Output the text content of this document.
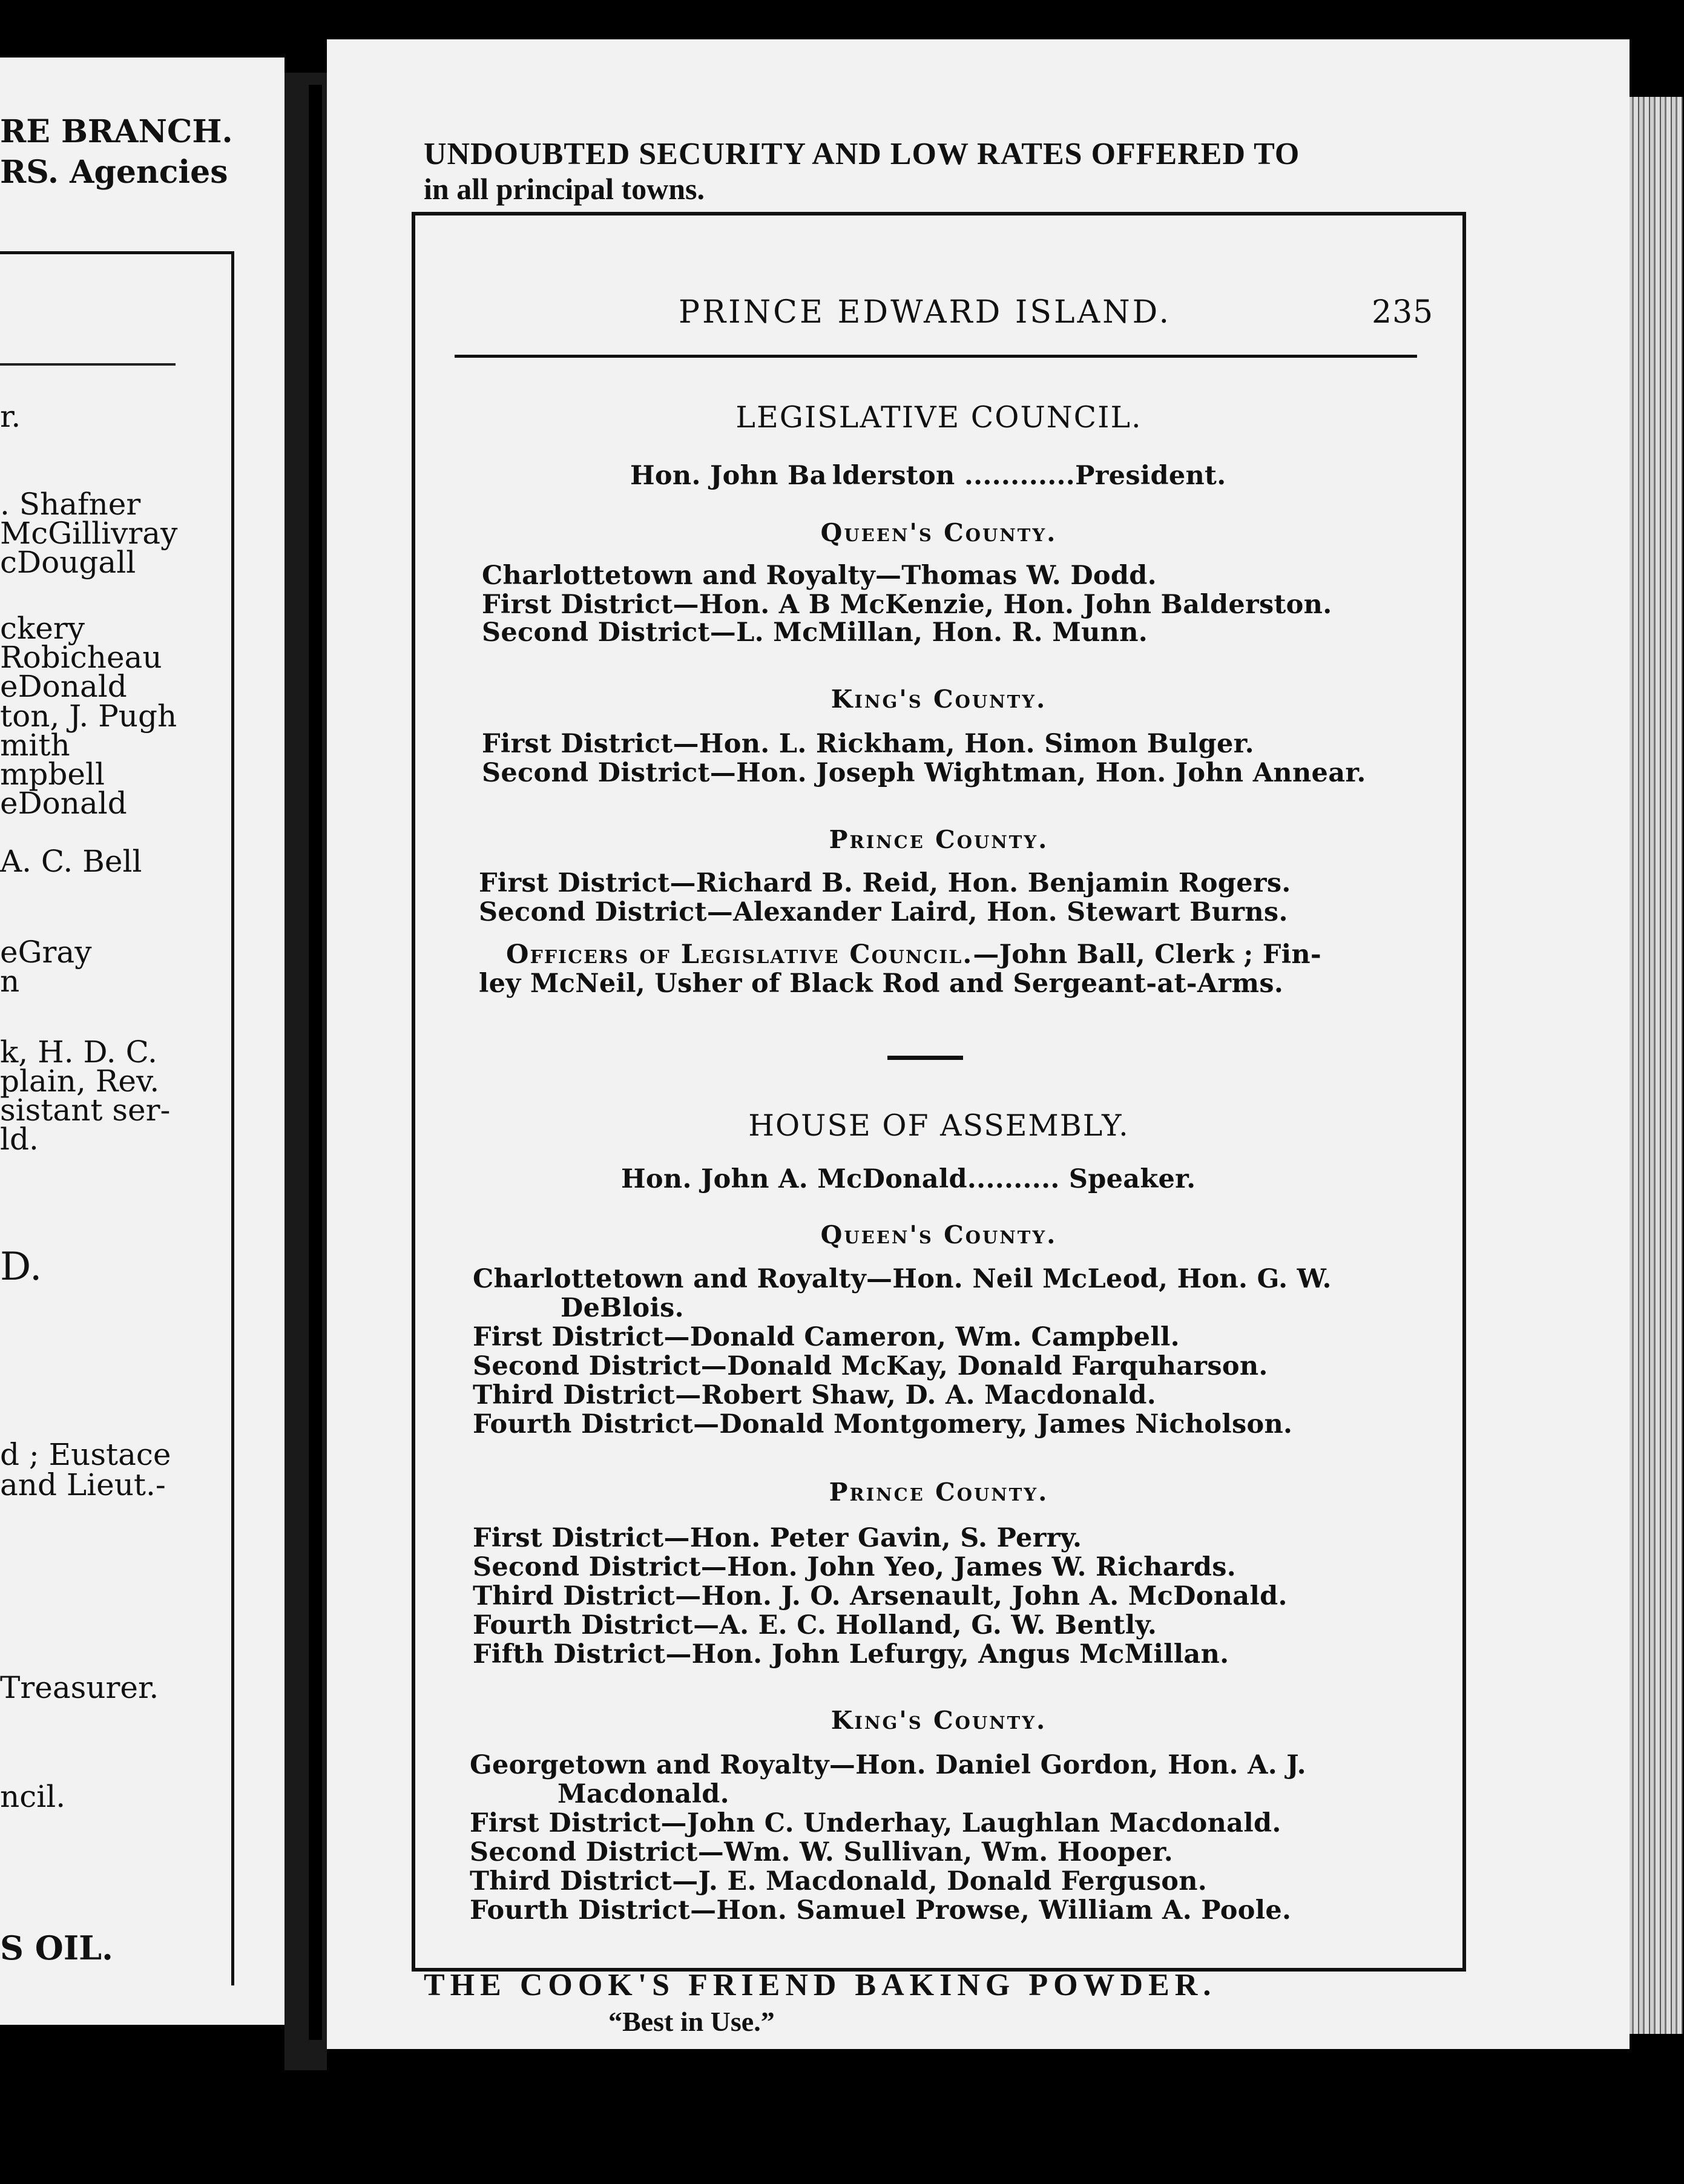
RE BRANCH.
RS. Agencies
r.
. Shafner
McGillivray
cDougall
ckery
Robicheau
eDonald
ton, J. Pugh
mith
mpbell
eDonald
A. C. Bell
eGray
n
k, H. D. C.
plain, Rev.
sistant ser-
ld.
D.
d ; Eustace
and Lieut.-
Treasurer.
ncil.
S OIL.
UNDOUBTED SECURITY AND LOW RATES OFFERED TO
in all principal towns.
PRINCE EDWARD ISLAND.	235
LEGISLATIVE COUNCIL.
Hon. John Ba lderston ............President.
Queen's County.
Charlottetown and Royalty—Thomas W. Dodd.
First District—Hon. A B McKenzie, Hon. John Balderston.
Second District—L. McMillan, Hon. R. Munn.
King's County.
First District—Hon. L. Rickham, Hon. Simon Bulger.
Second District—Hon. Joseph Wightman, Hon. John Annear.
Prince County.
First District—Richard B. Reid, Hon. Benjamin Rogers.
Second District—Alexander Laird, Hon. Stewart Burns.
Officers of Legislative Council.—John Ball, Clerk ; Fin-
ley McNeil, Usher of Black Rod and Sergeant-at-Arms.
HOUSE OF ASSEMBLY.
Hon. John A. McDonald.......... Speaker.
Queen's County.
Charlottetown and Royalty—Hon. Neil McLeod, Hon. G. W.
DeBlois.
First District—Donald Cameron, Wm. Campbell.
Second District—Donald McKay, Donald Farquharson.
Third District—Robert Shaw, D. A. Macdonald.
Fourth District—Donald Montgomery, James Nicholson.
Prince County.
First District—Hon. Peter Gavin, S. Perry.
Second District—Hon. John Yeo, James W. Richards.
Third District—Hon. J. O. Arsenault, John A. McDonald.
Fourth District—A. E. C. Holland, G. W. Bently.
Fifth District—Hon. John Lefurgy, Angus McMillan.
King's County.
Georgetown and Royalty—Hon. Daniel Gordon, Hon. A. J.
Macdonald.
First District—John C. Underhay, Laughlan Macdonald.
Second District—Wm. W. Sullivan, Wm. Hooper.
Third District—J. E. Macdonald, Donald Ferguson.
Fourth District—Hon. Samuel Prowse, William A. Poole.
THE COOK'S FRIEND BAKING POWDER.
“Best in Use.”
